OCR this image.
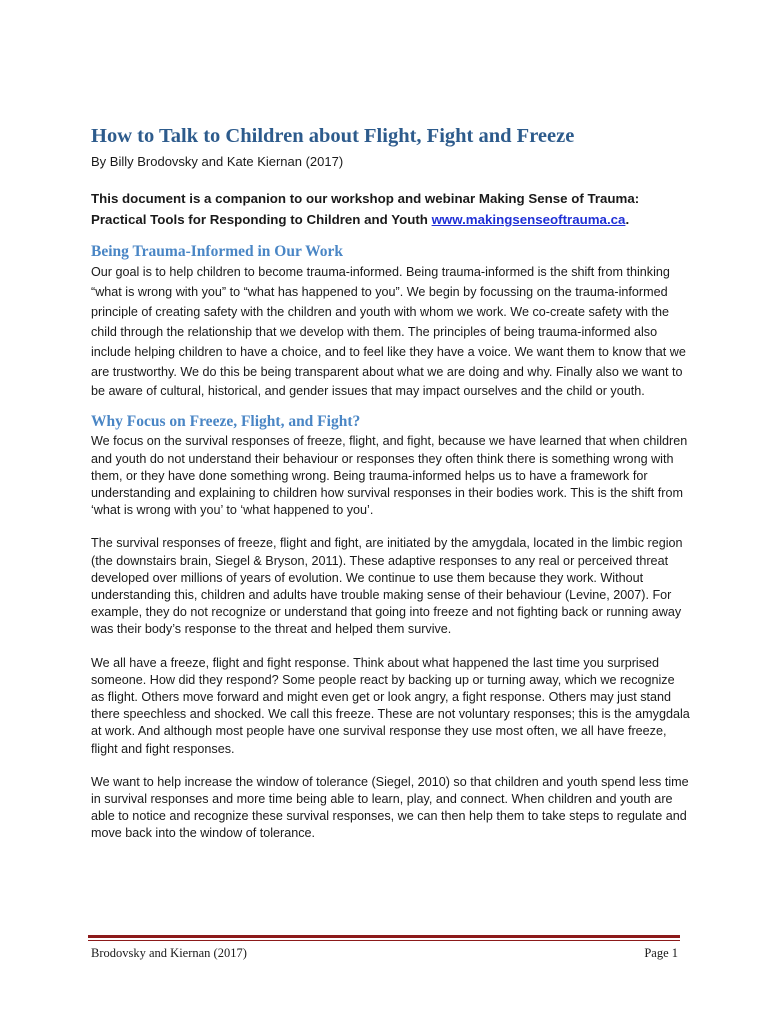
How to Talk to Children about Flight, Fight and Freeze

By Billy Brodovsky and Kate Kiernan (2017)

This document is a companion to our workshop and webinar Making Sense of Trauma: Practical Tools for Responding to Children and Youth www.makingsenseoftrauma.ca.

Being Trauma-Informed in Our Work

Our goal is to help children to become trauma-informed. Being trauma-informed is the shift from thinking “what is wrong with you” to “what has happened to you”. We begin by focussing on the trauma-informed principle of creating safety with the children and youth with whom we work. We co-create safety with the child through the relationship that we develop with them. The principles of being trauma-informed also include helping children to have a choice, and to feel like they have a voice. We want them to know that we are trustworthy. We do this be being transparent about what we are doing and why. Finally also we want to be aware of cultural, historical, and gender issues that may impact ourselves and the child or youth.

Why Focus on Freeze, Flight, and Fight?

We focus on the survival responses of freeze, flight, and fight, because we have learned that when children and youth do not understand their behaviour or responses they often think there is something wrong with them, or they have done something wrong. Being trauma-informed helps us to have a framework for understanding and explaining to children how survival responses in their bodies work. This is the shift from ‘what is wrong with you’ to ‘what happened to you’.

The survival responses of freeze, flight and fight, are initiated by the amygdala, located in the limbic region (the downstairs brain, Siegel & Bryson, 2011). These adaptive responses to any real or perceived threat developed over millions of years of evolution. We continue to use them because they work. Without understanding this, children and adults have trouble making sense of their behaviour (Levine, 2007). For example, they do not recognize or understand that going into freeze and not fighting back or running away was their body’s response to the threat and helped them survive.

We all have a freeze, flight and fight response. Think about what happened the last time you surprised someone. How did they respond? Some people react by backing up or turning away, which we recognize as flight. Others move forward and might even get or look angry, a fight response. Others may just stand there speechless and shocked. We call this freeze. These are not voluntary responses; this is the amygdala at work. And although most people have one survival response they use most often, we all have freeze, flight and fight responses.

We want to help increase the window of tolerance (Siegel, 2010) so that children and youth spend less time in survival responses and more time being able to learn, play, and connect. When children and youth are able to notice and recognize these survival responses, we can then help them to take steps to regulate and move back into the window of tolerance.

Brodovsky and Kiernan (2017)	Page 1
